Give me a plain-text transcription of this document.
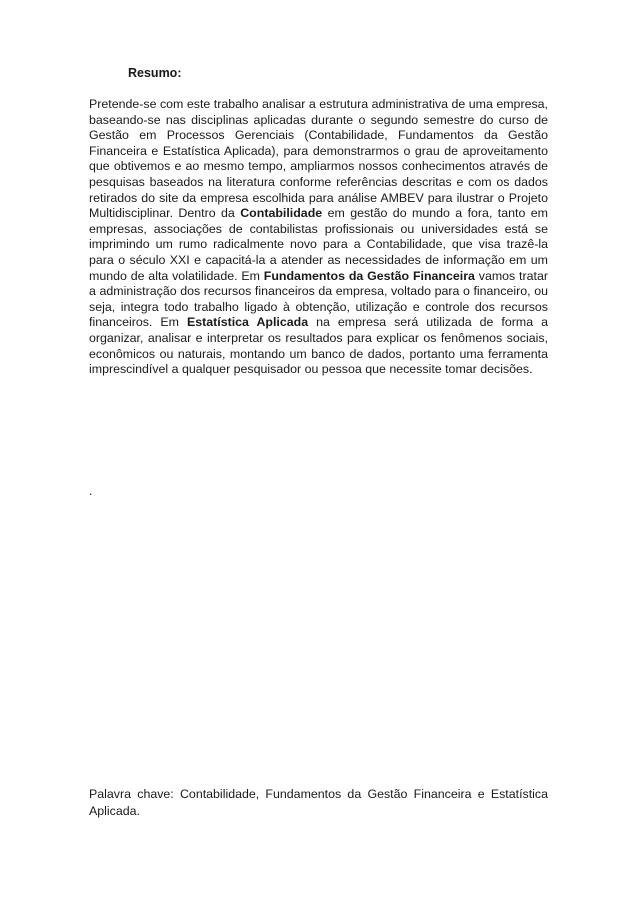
Resumo:

Pretende-se com este trabalho analisar a estrutura administrativa de uma empresa, baseando-se nas disciplinas aplicadas durante o segundo semestre do curso de Gestão em Processos Gerenciais (Contabilidade, Fundamentos da Gestão Financeira e Estatística Aplicada), para demonstrarmos o grau de aproveitamento que obtivemos e ao mesmo tempo, ampliarmos nossos conhecimentos através de pesquisas baseados na literatura conforme referências descritas e com os dados retirados do site da empresa escolhida para análise AMBEV para ilustrar o Projeto Multidisciplinar. Dentro da Contabilidade em gestão do mundo a fora, tanto em empresas, associações de contabilistas profissionais ou universidades está se imprimindo um rumo radicalmente novo para a Contabilidade, que visa trazê-la para o século XXI e capacitá-la a atender as necessidades de informação em um mundo de alta volatilidade. Em Fundamentos da Gestão Financeira vamos tratar a administração dos recursos financeiros da empresa, voltado para o financeiro, ou seja, integra todo trabalho ligado à obtenção, utilização e controle dos recursos financeiros. Em Estatística Aplicada na empresa será utilizada de forma a organizar, analisar e interpretar os resultados para explicar os fenômenos sociais, econômicos ou naturais, montando um banco de dados, portanto uma ferramenta imprescindível a qualquer pesquisador ou pessoa que necessite tomar decisões.

.

Palavra chave: Contabilidade, Fundamentos da Gestão Financeira e Estatística Aplicada.
